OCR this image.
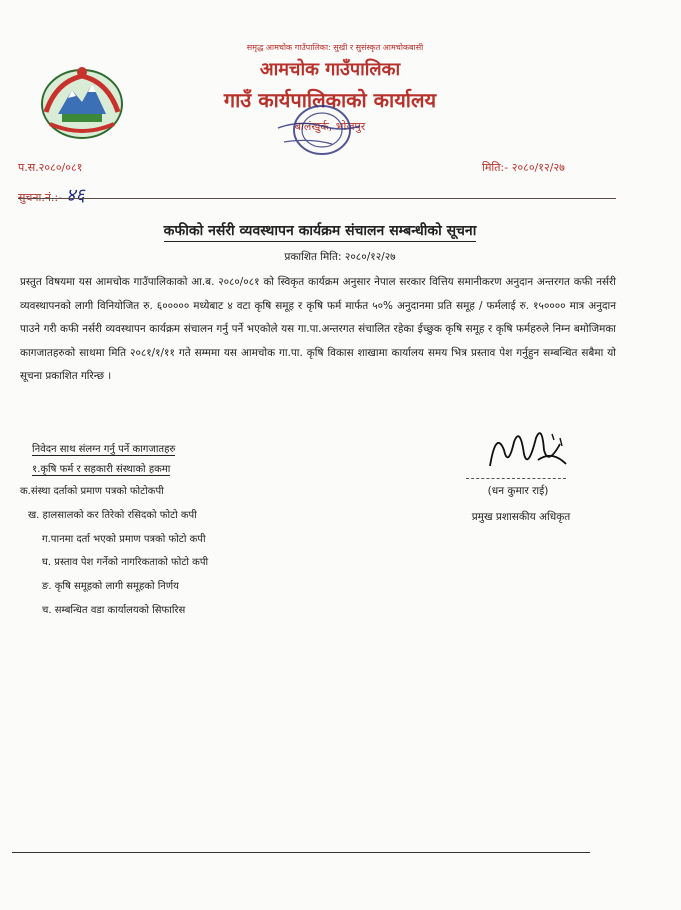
समृद्ध आमचोक गाउँपालिका: सुखी र सुसंस्कृत आमचोकबासी
आमचोक गाउँपालिका
गाउँ कार्यपालिकाको कार्यालय
बालंखुर्क, भोजपुर
प.स.२०८०/०८१
सुचना.नं.:- ४६
मिति:- २०८०/१२/२७
कफीको नर्सरी व्यवस्थापन कार्यक्रम संचालन सम्बन्धीको सूचना
प्रकाशित मिति: २०८०/१२/२७
प्रस्तुत विषयमा यस आमचोक गाउँपालिकाको आ.ब. २०८०/०८१ को स्विकृत कार्यक्रम अनुसार नेपाल सरकार वित्तिय समानीकरण अनुदान अन्तरगत कफी नर्सरी व्यवस्थापनको लागी विनियोजित रु. ६००००० मध्येबाट ४ वटा कृषि समूह र कृषि फर्म मार्फत ५०% अनुदानमा प्रति समूह / फर्मलाई रु. १५०००० मात्र अनुदान पाउने गरी कफी नर्सरी व्यवस्थापन कार्यक्रम संचालन गर्नु पर्ने भएकोले यस गा.पा.अन्तरगत संचालित रहेका ईच्छुक कृषि समूह र कृषि फर्महरुले निम्न बमोजिमका कागजातहरुको साथमा मिति २०८१/१/११ गते सम्ममा यस आमचोक गा.पा. कृषि विकास शाखामा कार्यालय समय भित्र प्रस्ताव पेश गर्नुहुन सम्बन्धित सबैमा यो सूचना प्रकाशित गरिन्छ ।
निवेदन साथ संलग्न गर्नु पर्ने कागजातहरु
१.कृषि फर्म र सहकारी संस्थाको हकमा
क.संस्था दर्ताको प्रमाण पत्रको फोटोकपी
ख. हालसालको कर तिरेको रसिदको फोटो कपी
ग.पानमा दर्ता भएको प्रमाण पत्रको फोटो कपी
घ. प्रस्ताव पेश गर्नेको नागरिकताको फोटो कपी
ङ. कृषि समूहको लागी समूहको निर्णय
च. सम्बन्धित वडा कार्यालयको सिफारिस
(धन कुमार राई)
प्रमुख प्रशासकीय अधिकृत
